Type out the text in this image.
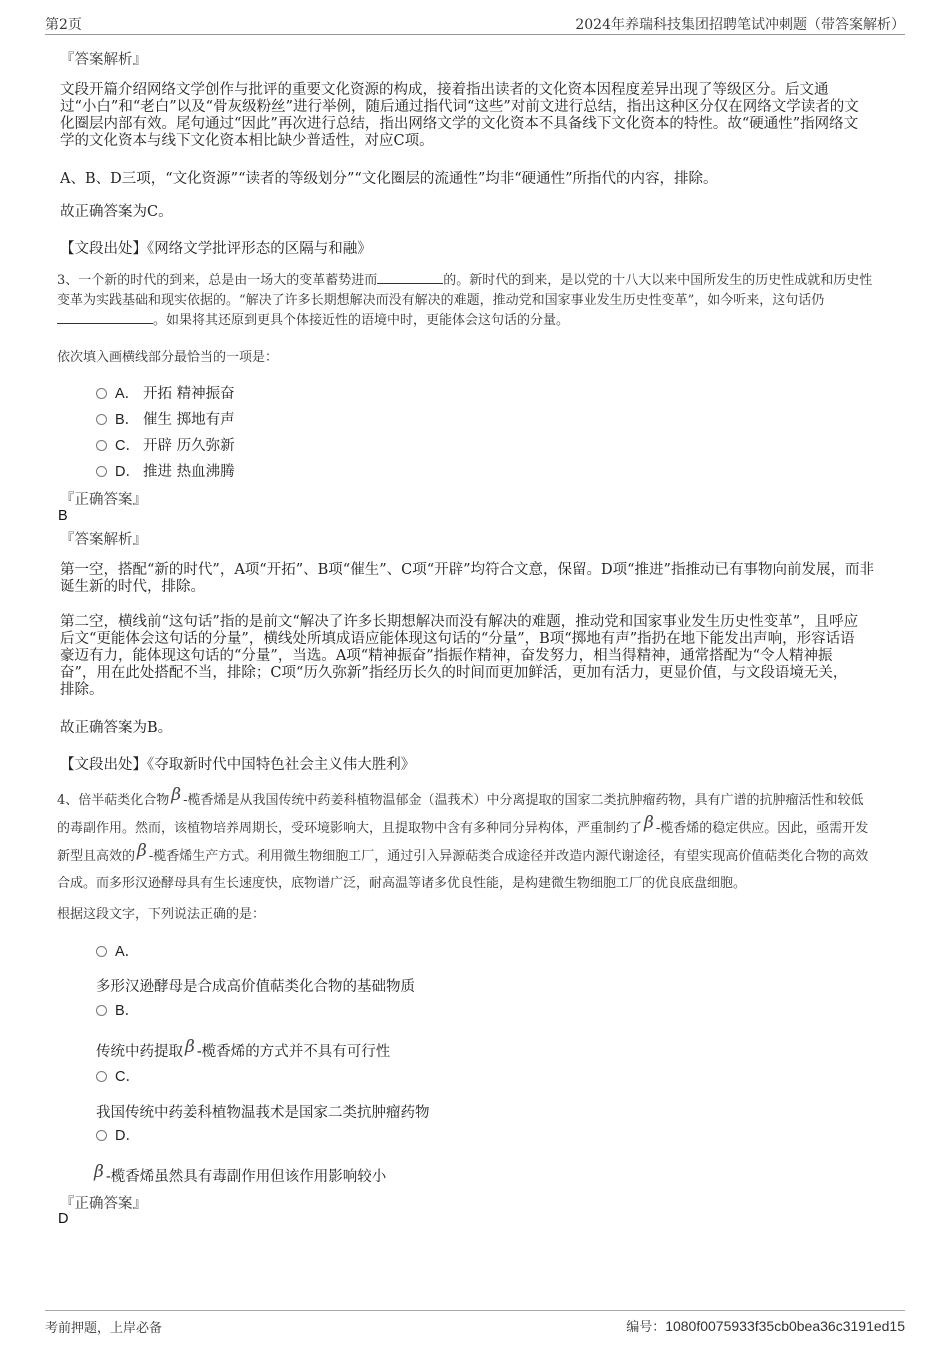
第2页	2024年养瑞科技集团招聘笔试冲刺题（带答案解析）
『答案解析』
文段开篇介绍网络文学创作与批评的重要文化资源的构成，接着指出读者的文化资本因程度差异出现了等级区分。后文通
过“小白”和“老白”以及“骨灰级粉丝”进行举例，随后通过指代词“这些”对前文进行总结，指出这种区分仅在网络文学读者的文
化圈层内部有效。尾句通过“因此”再次进行总结，指出网络文学的文化资本不具备线下文化资本的特性。故“硬通性”指网络文
学的文化资本与线下文化资本相比缺少普适性，对应C项。
A、B、D三项，“文化资源”“读者的等级划分”“文化圈层的流通性”均非“硬通性”所指代的内容，排除。
故正确答案为C。
【文段出处】《网络文学批评形态的区隔与和融》
3、一个新的时代的到来，总是由一场大的变革蓄势进而	的。新时代的到来，是以党的十八大以来中国所发生的历史性成就和历史性
变革为实践基础和现实依据的。“解决了许多长期想解决而没有解决的难题，推动党和国家事业发生历史性变革”，如今听来，这句话仍
。如果将其还原到更具个体接近性的语境中时，更能体会这句话的分量。
依次填入画横线部分最恰当的一项是：
A． 开拓 精神振奋
B． 催生 掷地有声
C． 开辟 历久弥新
D． 推进 热血沸腾
『正确答案』
B
『答案解析』
第一空，搭配“新的时代”，A项“开拓”、B项“催生”、C项“开辟”均符合文意，保留。D项“推进”指推动已有事物向前发展，而非
诞生新的时代，排除。
第二空，横线前“这句话”指的是前文“解决了许多长期想解决而没有解决的难题，推动党和国家事业发生历史性变革”，且呼应
后文“更能体会这句话的分量”，横线处所填成语应能体现这句话的“分量”，B项“掷地有声”指扔在地下能发出声响，形容话语
豪迈有力，能体现这句话的“分量”，当选。A项“精神振奋”指振作精神，奋发努力，相当得精神，通常搭配为“令人精神振
奋”，用在此处搭配不当，排除；C项“历久弥新”指经历长久的时间而更加鲜活，更加有活力，更显价值，与文段语境无关，
排除。
故正确答案为B。
【文段出处】《夺取新时代中国特色社会主义伟大胜利》
4、倍半萜类化合物 β -榄香烯是从我国传统中药姜科植物温郁金（温莪术）中分离提取的国家二类抗肿瘤药物，具有广谱的抗肿瘤活性和较低
的毒副作用。然而，该植物培养周期长，受环境影响大，且提取物中含有多种同分异构体，严重制约了 β -榄香烯的稳定供应。因此，亟需开发
新型且高效的 β -榄香烯生产方式。利用微生物细胞工厂，通过引入异源萜类合成途径并改造内源代谢途径，有望实现高价值萜类化合物的高效
合成。而多形汉逊酵母具有生长速度快，底物谱广泛，耐高温等诸多优良性能，是构建微生物细胞工厂的优良底盘细胞。
根据这段文字，下列说法正确的是：
A．
多形汉逊酵母是合成高价值萜类化合物的基础物质
B．
传统中药提取 β -榄香烯的方式并不具有可行性
C．
我国传统中药姜科植物温莪术是国家二类抗肿瘤药物
D．
β -榄香烯虽然具有毒副作用但该作用影响较小
『正确答案』
D
考前押题，上岸必备	编号：1080f0075933f35cb0bea36c3191ed15
